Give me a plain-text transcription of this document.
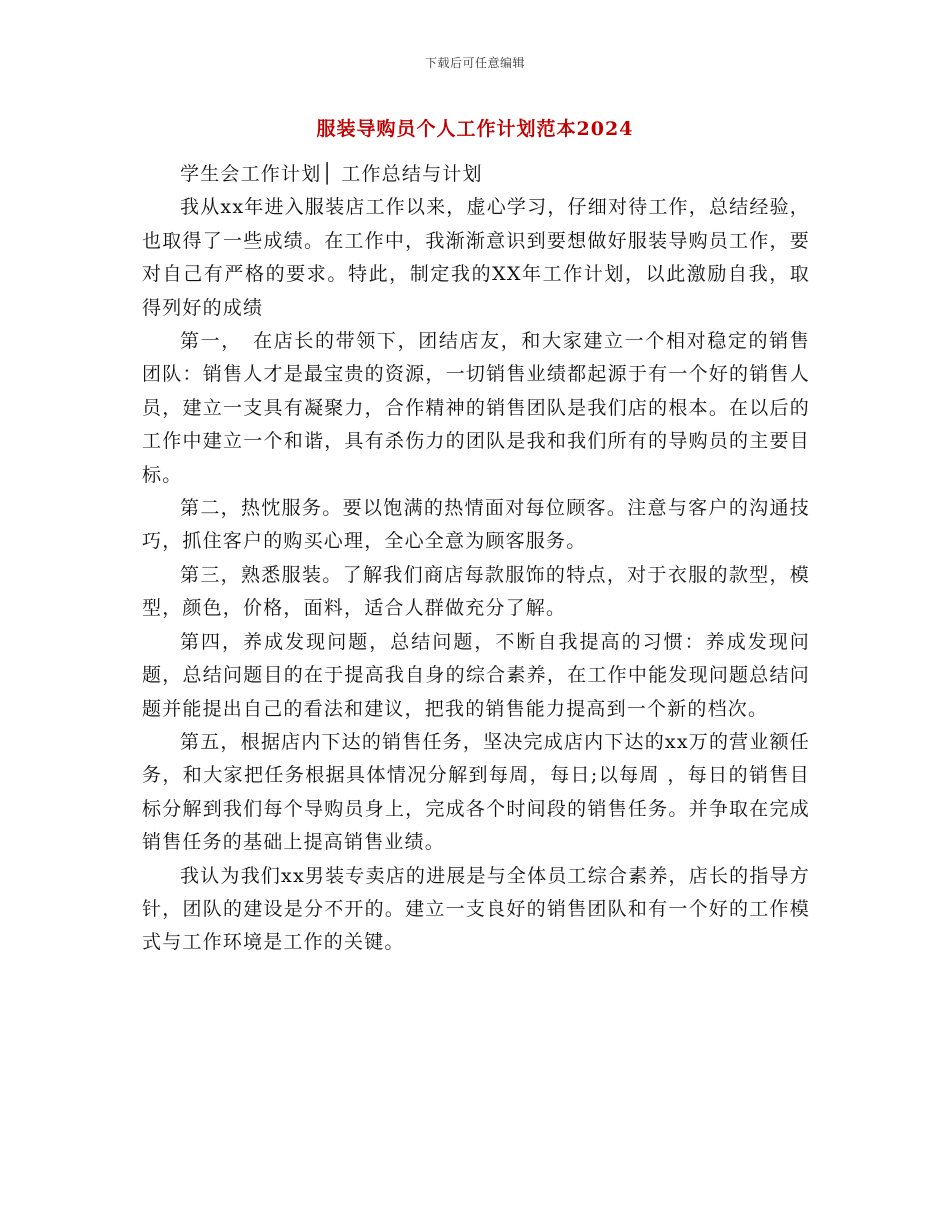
下载后可任意编辑
服装导购员个人工作计划范本2024

学生会工作计划│ 工作总结与计划

我从xx年进入服装店工作以来，虚心学习，仔细对待工作，总结经验，也取得了一些成绩。在工作中，我渐渐意识到要想做好服装导购员工作，要对自己有严格的要求。特此，制定我的XX年工作计划，以此激励自我，取得列好的成绩

第一，　在店长的带领下，团结店友，和大家建立一个相对稳定的销售团队：销售人才是最宝贵的资源，一切销售业绩都起源于有一个好的销售人员，建立一支具有凝聚力，合作精神的销售团队是我们店的根本。在以后的工作中建立一个和谐，具有杀伤力的团队是我和我们所有的导购员的主要目标。

第二，热忱服务。要以饱满的热情面对每位顾客。注意与客户的沟通技巧，抓住客户的购买心理，全心全意为顾客服务。

第三，熟悉服装。了解我们商店每款服饰的特点，对于衣服的款型，模型，颜色，价格，面料，适合人群做充分了解。

第四，养成发现问题，总结问题，不断自我提高的习惯：养成发现问题，总结问题目的在于提高我自身的综合素养，在工作中能发现问题总结问题并能提出自己的看法和建议，把我的销售能力提高到一个新的档次。

第五，根据店内下达的销售任务，坚决完成店内下达的xx万的营业额任务，和大家把任务根据具体情况分解到每周，每日;以每周 ，每日的销售目标分解到我们每个导购员身上，完成各个时间段的销售任务。并争取在完成销售任务的基础上提高销售业绩。

我认为我们xx男装专卖店的进展是与全体员工综合素养，店长的指导方针，团队的建设是分不开的。建立一支良好的销售团队和有一个好的工作模式与工作环境是工作的关键。
